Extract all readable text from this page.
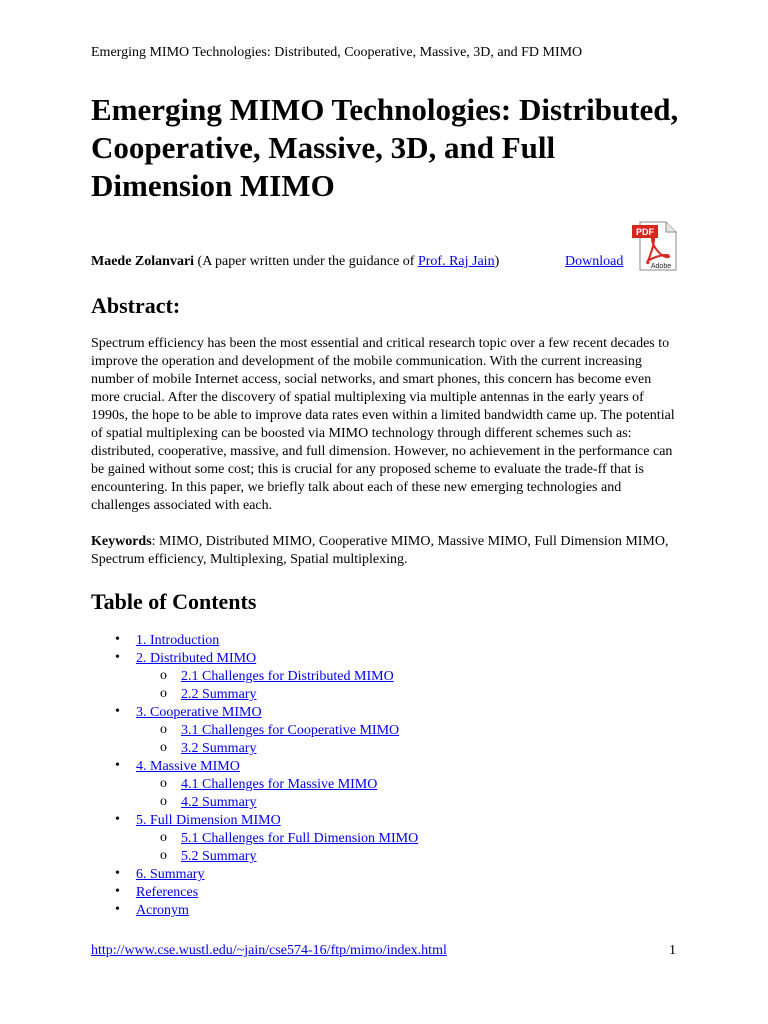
Emerging MIMO Technologies: Distributed, Cooperative, Massive, 3D, and FD MIMO
Emerging MIMO Technologies: Distributed, Cooperative, Massive, 3D, and Full Dimension MIMO
Maede Zolanvari (A paper written under the guidance of Prof. Raj Jain)	Download
PDF
Adobe
Abstract:

Spectrum efficiency has been the most essential and critical research topic over a few recent decades to improve the operation and development of the mobile communication. With the current increasing number of mobile Internet access, social networks, and smart phones, this concern has become even more crucial. After the discovery of spatial multiplexing via multiple antennas in the early years of 1990s, the hope to be able to improve data rates even within a limited bandwidth came up. The potential of spatial multiplexing can be boosted via MIMO technology through different schemes such as: distributed, cooperative, massive, and full dimension. However, no achievement in the performance can be gained without some cost; this is crucial for any proposed scheme to evaluate the trade-ff that is encountering. In this paper, we briefly talk about each of these new emerging technologies and challenges associated with each.

Keywords: MIMO, Distributed MIMO, Cooperative MIMO, Massive MIMO, Full Dimension MIMO, Spectrum efficiency, Multiplexing, Spatial multiplexing.

Table of Contents
• 1. Introduction
• 2. Distributed MIMO
o 2.1 Challenges for Distributed MIMO
o 2.2 Summary
• 3. Cooperative MIMO
o 3.1 Challenges for Cooperative MIMO
o 3.2 Summary
• 4. Massive MIMO
o 4.1 Challenges for Massive MIMO
o 4.2 Summary
• 5. Full Dimension MIMO
o 5.1 Challenges for Full Dimension MIMO
o 5.2 Summary
• 6. Summary
• References
• Acronym
http://www.cse.wustl.edu/~jain/cse574-16/ftp/mimo/index.html	1
